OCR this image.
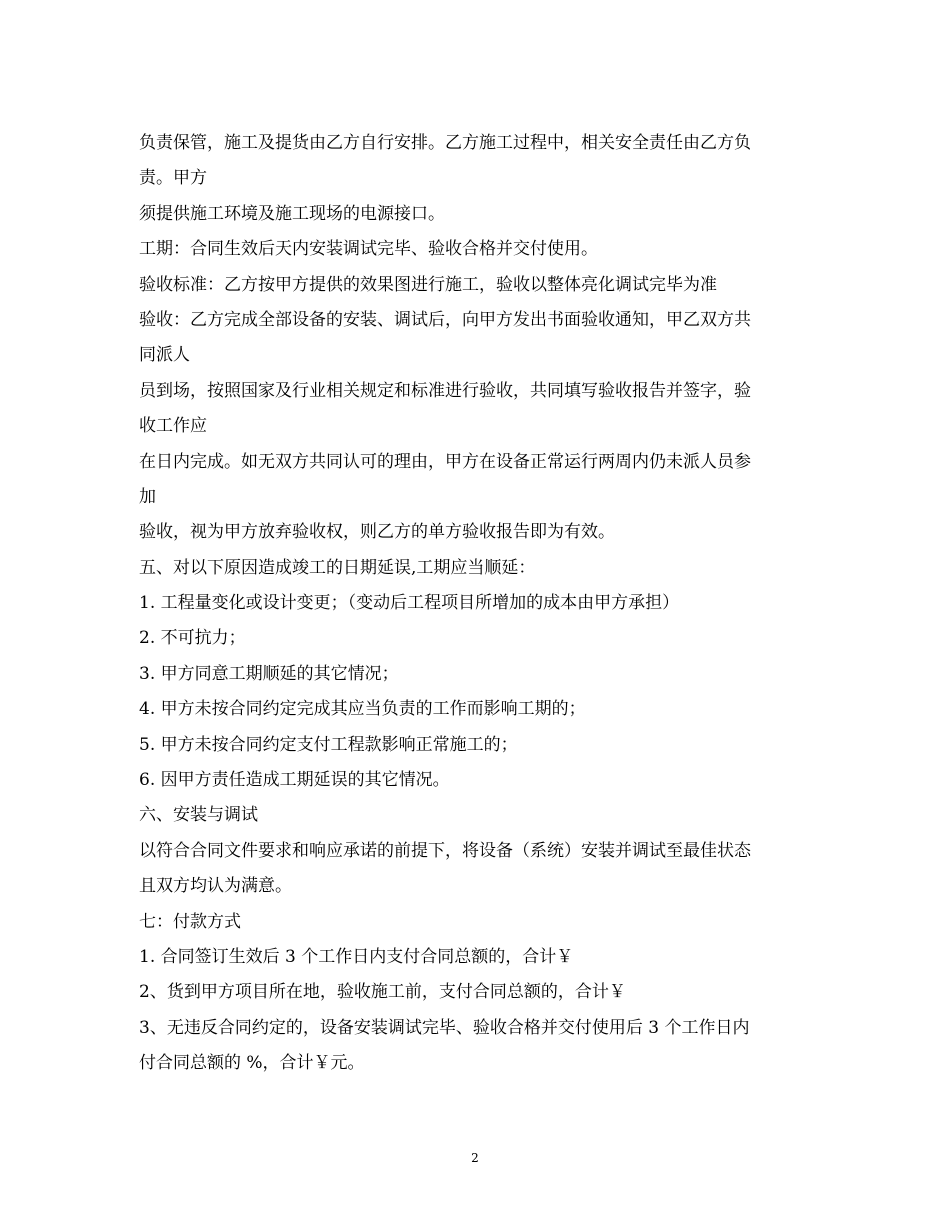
负责保管，施工及提货由乙方自行安排。乙方施工过程中，相关安全责任由乙方负
责。甲方
须提供施工环境及施工现场的电源接口。
工期：合同生效后天内安装调试完毕、验收合格并交付使用。
验收标准：乙方按甲方提供的效果图进行施工，验收以整体亮化调试完毕为准
验收：乙方完成全部设备的安装、调试后，向甲方发出书面验收通知，甲乙双方共
同派人
员到场，按照国家及行业相关规定和标准进行验收，共同填写验收报告并签字，验
收工作应
在日内完成。如无双方共同认可的理由，甲方在设备正常运行两周内仍未派人员参
加
验收，视为甲方放弃验收权，则乙方的单方验收报告即为有效。
五、对以下原因造成竣工的日期延误,工期应当顺延：
1. 工程量变化或设计变更；（变动后工程项目所增加的成本由甲方承担）
2. 不可抗力；
3. 甲方同意工期顺延的其它情况；
4. 甲方未按合同约定完成其应当负责的工作而影响工期的；
5. 甲方未按合同约定支付工程款影响正常施工的；
6. 因甲方责任造成工期延误的其它情况。
六、安装与调试
以符合合同文件要求和响应承诺的前提下，将设备（系统）安装并调试至最佳状态
且双方均认为满意。
七：付款方式
1. 合同签订生效后 3 个工作日内支付合同总额的，合计￥
2、货到甲方项目所在地，验收施工前，支付合同总额的，合计￥
3、无违反合同约定的，设备安装调试完毕、验收合格并交付使用后 3 个工作日内
付合同总额的 %，合计￥元。
2
